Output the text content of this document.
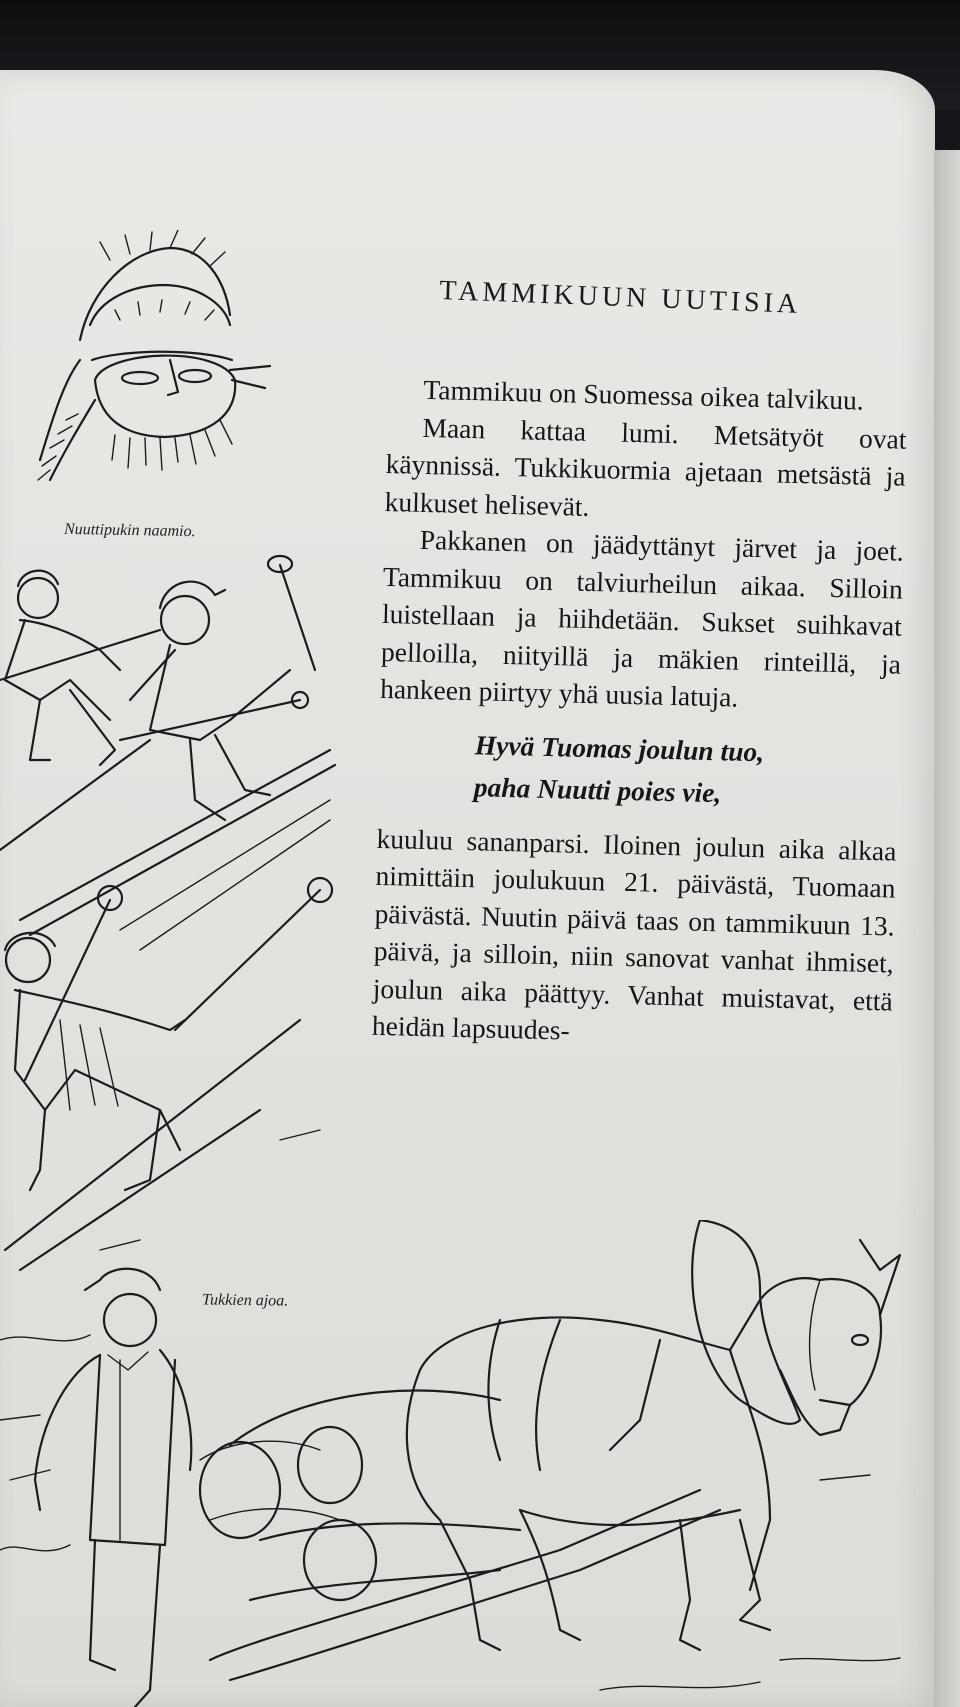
Nuuttipukin naamio.
Tukkien ajoa.
TAMMIKUUN UUTISIA

Tammikuu on Suomessa oikea talvikuu.

Maan kattaa lumi. Metsätyöt ovat käynnissä. Tukkikuormia ajetaan metsästä ja kulkuset helisevät.

Pakkanen on jäädyttänyt järvet ja joet. Tammikuu on talviurheilun aikaa. Silloin luistellaan ja hiihdetään. Sukset suihkavat pelloilla, niityillä ja mäkien rinteillä, ja hankeen piirtyy yhä uusia latuja.

Hyvä Tuomas joulun tuo,
paha Nuutti poies vie,

kuuluu sananparsi. Iloinen joulun aika alkaa nimittäin joulukuun 21. päivästä, Tuomaan päivästä. Nuutin päivä taas on tammikuun 13. päivä, ja silloin, niin sanovat vanhat ihmiset, joulun aika päättyy. Vanhat muistavat, että heidän lapsuudes-
